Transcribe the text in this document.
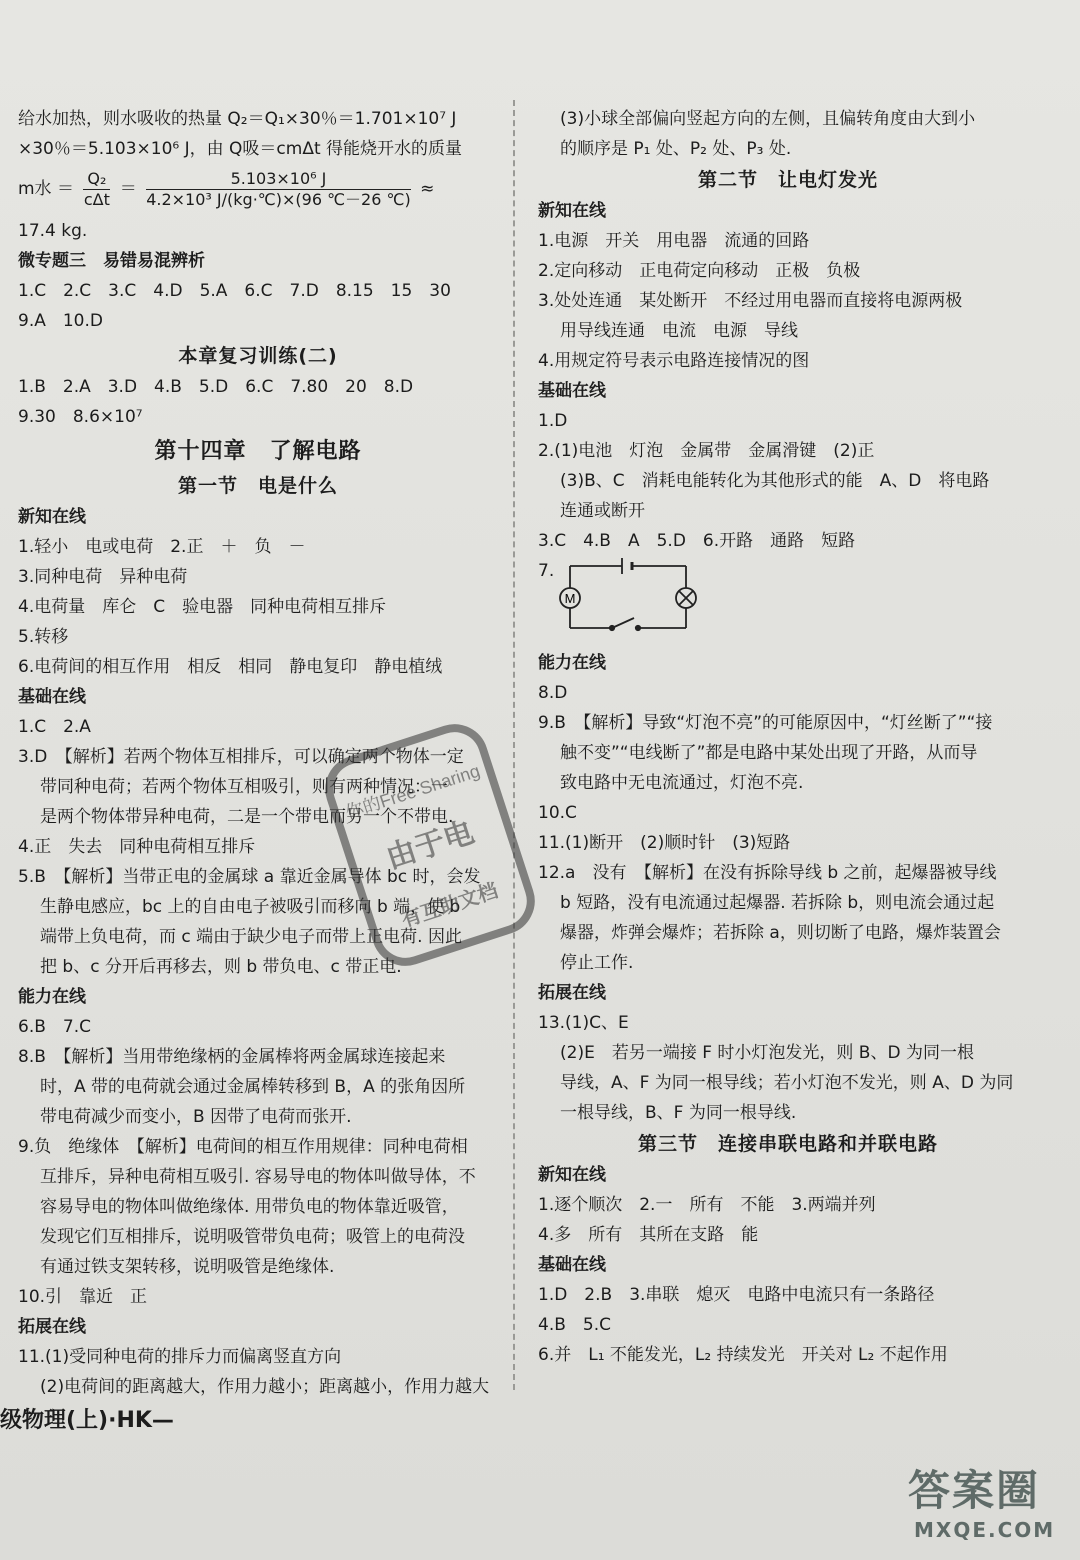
给水加热，则水吸收的热量 Q₂＝Q₁×30％＝1.701×10⁷ J
×30％＝5.103×10⁶ J，由 Q吸＝cmΔt 得能烧开水的质量
m水 ＝ $\frac{\text{Q₂}}{\text{cΔt}} = \frac{\text{5.103×10⁶ J}}{\text{4.2×10³ J/(kg·℃)×(96 ℃－26 ℃)}}$ ≈
17.4 kg.
微专题三　易错易混辨析
1.C　2.C　3.C　4.D　5.A　6.C　7.D　8.15　15　30
9.A　10.D
本章复习训练(二)
1.B　2.A　3.D　4.B　5.D　6.C　7.80　20　8.D
9.30　8.6×10⁷
第十四章　了解电路
第一节　电是什么
新知在线
1.轻小　电或电荷　2.正　＋　负　－
3.同种电荷　异种电荷
4.电荷量　库仑　C　验电器　同种电荷相互排斥
5.转移
6.电荷间的相互作用　相反　相同　静电复印　静电植绒
基础在线
1.C　2.A
3.D　【解析】若两个物体互相排斥，可以确定两个物体一定
带同种电荷；若两个物体互相吸引，则有两种情况：一
是两个物体带异种电荷，二是一个带电而另一个不带电.
4.正　失去　同种电荷相互排斥
5.B　【解析】当带正电的金属球 a 靠近金属导体 bc 时，会发
生静电感应，bc 上的自由电子被吸引而移向 b 端，使 b
端带上负电荷，而 c 端由于缺少电子而带上正电荷. 因此
把 b、c 分开后再移去，则 b 带负电、c 带正电.
能力在线
6.B　7.C
8.B　【解析】当用带绝缘柄的金属棒将两金属球连接起来
时，A 带的电荷就会通过金属棒转移到 B，A 的张角因所
带电荷减少而变小，B 因带了电荷而张开.
9.负　绝缘体　【解析】电荷间的相互作用规律：同种电荷相
互排斥，异种电荷相互吸引. 容易导电的物体叫做导体，不
容易导电的物体叫做绝缘体. 用带负电的物体靠近吸管，
发现它们互相排斥，说明吸管带负电荷；吸管上的电荷没
有通过铁支架转移，说明吸管是绝缘体.
10.引　靠近　正
拓展在线
11.(1)受同种电荷的排斥力而偏离竖直方向
(2)电荷间的距离越大，作用力越小；距离越小，作用力越大
级物理(上)·HK—
(3)小球全部偏向竖起方向的左侧，且偏转角度由大到小
的顺序是 P₁ 处、P₂ 处、P₃ 处.
第二节　让电灯发光
新知在线
1.电源　开关　用电器　流通的回路
2.定向移动　正电荷定向移动　正极　负极
3.处处连通　某处断开　不经过用电器而直接将电源两极
用导线连通　电流　电源　导线
4.用规定符号表示电路连接情况的图
基础在线
1.D
2.(1)电池　灯泡　金属带　金属滑键　(2)正
(3)B、C　消耗电能转化为其他形式的能　A、D　将电路
连通或断开
3.C　4.B　A　5.D　6.开路　通路　短路
7.
M
能力在线
8.D
9.B　【解析】导致“灯泡不亮”的可能原因中，“灯丝断了”“接
触不变”“电线断了”都是电路中某处出现了开路，从而导
致电路中无电流通过，灯泡不亮.
10.C
11.(1)断开　(2)顺时针　(3)短路
12.a　没有　【解析】在没有拆除导线 b 之前，起爆器被导线
b 短路，没有电流通过起爆器. 若拆除 b，则电流会通过起
爆器，炸弹会爆炸；若拆除 a，则切断了电路，爆炸装置会
停止工作.
拓展在线
13.(1)C、E
(2)E　若另一端接 F 时小灯泡发光，则 B、D 为同一根
导线，A、F 为同一根导线；若小灯泡不发光，则 A、D 为同
一根导线，B、F 为同一根导线.
第三节　连接串联电路和并联电路
新知在线
1.逐个顺次　2.一　所有　不能　3.两端并列
4.多　所有　其所在支路　能
基础在线
1.D　2.B　3.串联　熄灭　电路中电流只有一条路径
4.B　5.C
6.并　L₁ 不能发光，L₂ 持续发光　开关对 L₂ 不起作用
你的Free Sharing
由于电
有互助文档
答案圈
MXQE.COM
